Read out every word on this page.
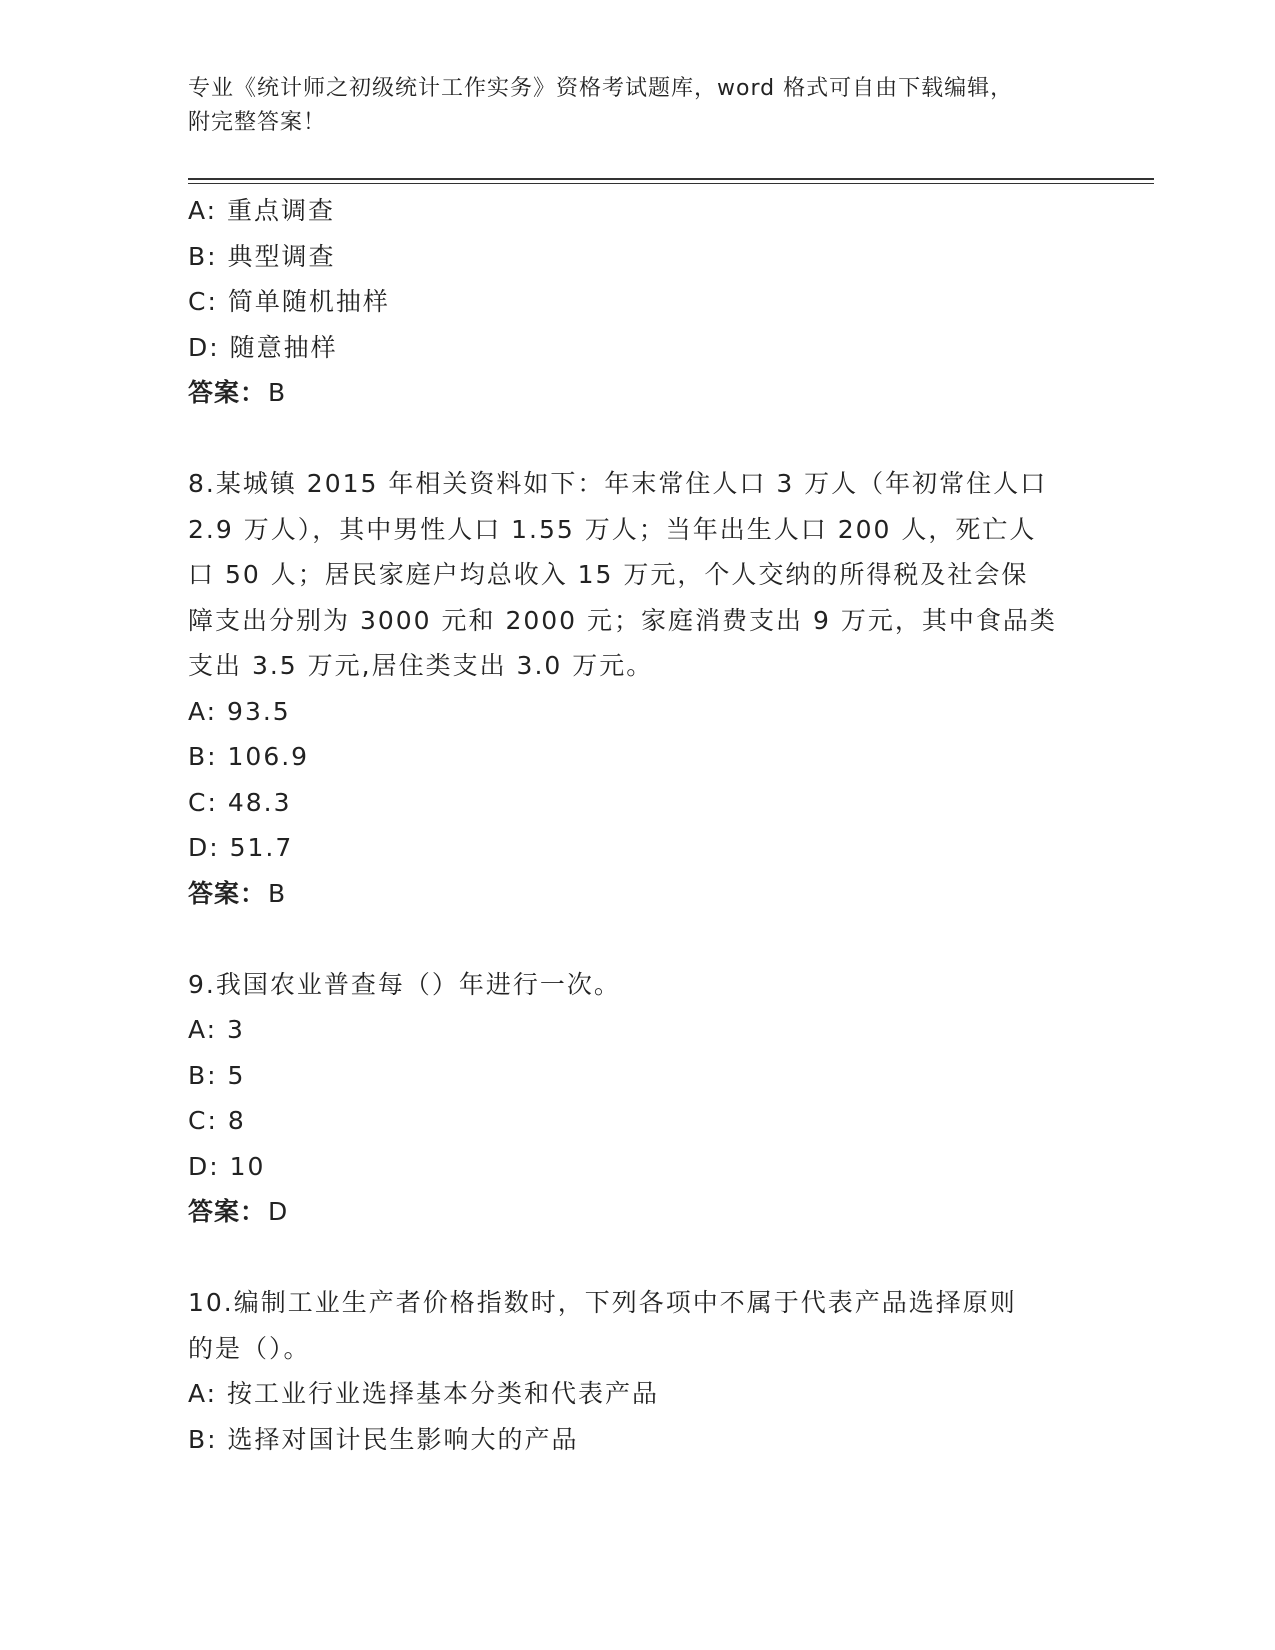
专业《统计师之初级统计工作实务》资格考试题库，word 格式可自由下载编辑，
附完整答案！
A: 重点调查
B: 典型调查
C: 简单随机抽样
D: 随意抽样
答案：B
8.某城镇 2015 年相关资料如下：年末常住人口 3 万人（年初常住人口
2.9 万人），其中男性人口 1.55 万人；当年出生人口 200 人，死亡人
口 50 人；居民家庭户均总收入 15 万元，个人交纳的所得税及社会保
障支出分别为 3000 元和 2000 元；家庭消费支出 9 万元，其中食品类
支出 3.5 万元,居住类支出 3.0 万元。
A: 93.5
B: 106.9
C: 48.3
D: 51.7
答案：B
9.我国农业普查每（）年进行一次。
A: 3
B: 5
C: 8
D: 10
答案：D
10.编制工业生产者价格指数时，下列各项中不属于代表产品选择原则
的是（）。
A: 按工业行业选择基本分类和代表产品
B: 选择对国计民生影响大的产品
